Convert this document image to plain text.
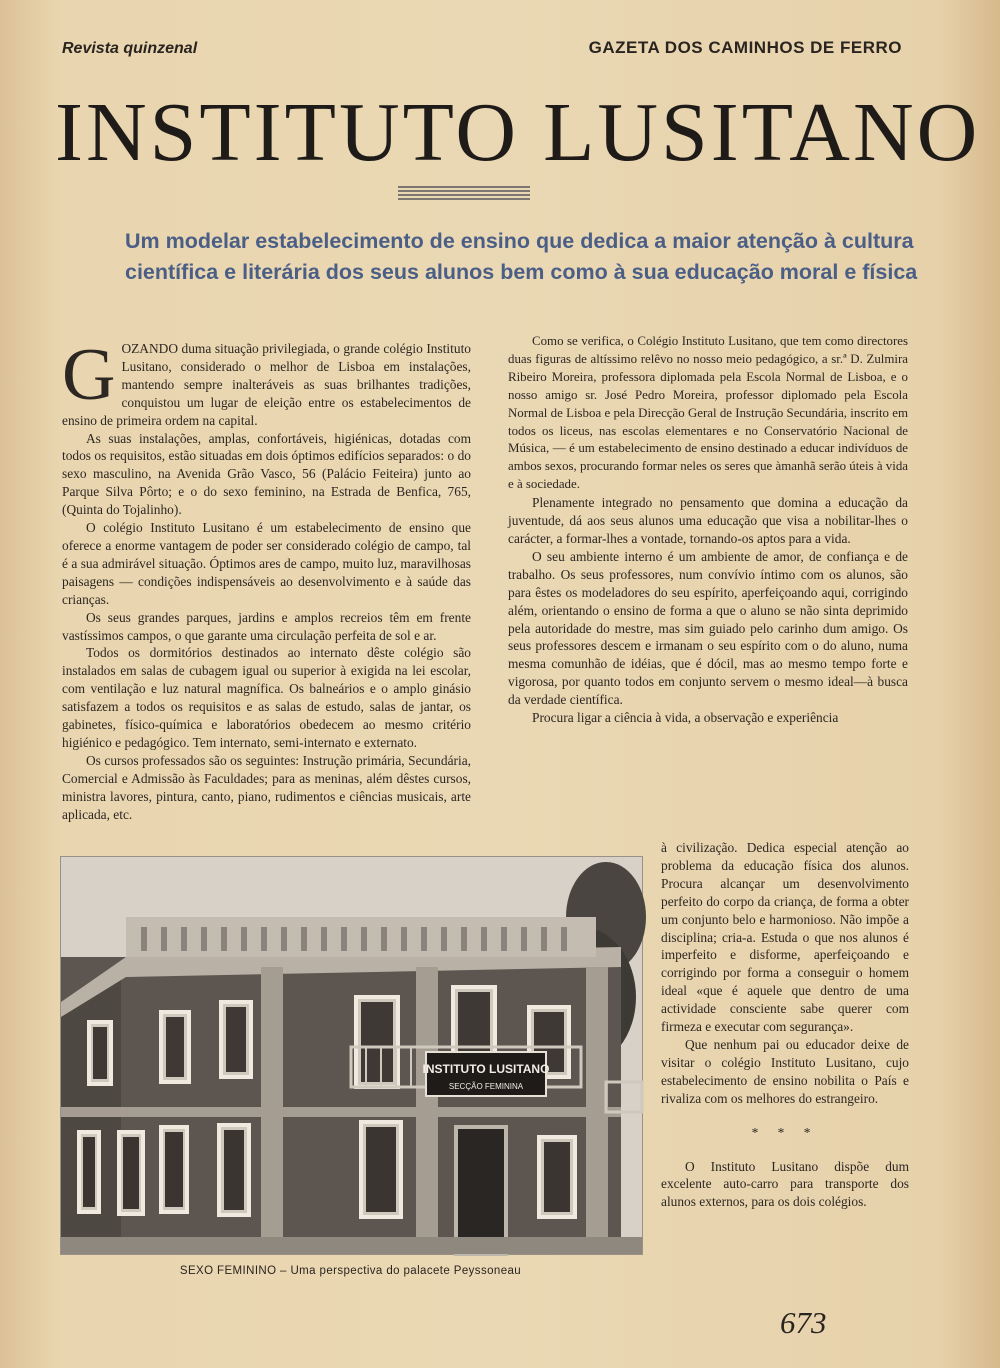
Revista quinzenal	GAZETA DOS CAMINHOS DE FERRO
INSTITUTO LUSITANO
Um modelar estabelecimento de ensino que dedica a maior atenção à cultura
científica e literária dos seus alunos bem como à sua educação moral e física

GOZANDO duma situação privilegiada, o grande colégio Instituto Lusitano, considerado o melhor de Lisboa em instalações, mantendo sempre inalteráveis as suas brilhantes tradições, conquistou um lugar de eleição entre os estabelecimentos de ensino de primeira ordem na capital.

As suas instalações, amplas, confortáveis, higiénicas, dotadas com todos os requisitos, estão situadas em dois óptimos edifícios separados: o do sexo masculino, na Avenida Grão Vasco, 56 (Palácio Feiteira) junto ao Parque Silva Pôrto; e o do sexo feminino, na Estrada de Benfica, 765, (Quinta do Tojalinho).

O colégio Instituto Lusitano é um estabelecimento de ensino que oferece a enorme vantagem de poder ser considerado colégio de campo, tal é a sua admirável situação. Óptimos ares de campo, muito luz, maravilhosas paisagens — condições indispensáveis ao desenvolvimento e à saúde das crianças.

Os seus grandes parques, jardins e amplos recreios têm em frente vastíssimos campos, o que garante uma circulação perfeita de sol e ar.

Todos os dormitórios destinados ao internato dêste colégio são instalados em salas de cubagem igual ou superior à exigida na lei escolar, com ventilação e luz natural magnífica. Os balneários e o amplo ginásio satisfazem a todos os requisitos e as salas de estudo, salas de jantar, os gabinetes, físico-química e laboratórios obedecem ao mesmo critério higiénico e pedagógico. Tem internato, semi-internato e externato.

Os cursos professados são os seguintes: Instrução primária, Secundária, Comercial e Admissão às Faculdades; para as meninas, além dêstes cursos, ministra lavores, pintura, canto, piano, rudimentos e ciências musicais, arte aplicada, etc.

Como se verifica, o Colégio Instituto Lusitano, que tem como directores duas figuras de altíssimo relêvo no nosso meio pedagógico, a sr.ª D. Zulmira Ribeiro Moreira, professora diplomada pela Escola Normal de Lisboa, e o nosso amigo sr. José Pedro Moreira, professor diplomado pela Escola Normal de Lisboa e pela Direcção Geral de Instrução Secundária, inscrito em todos os liceus, nas escolas elementares e no Conservatório Nacional de Música, — é um estabelecimento de ensino destinado a educar indivíduos de ambos sexos, procurando formar neles os seres que àmanhã serão úteis à vida e à sociedade.

Plenamente integrado no pensamento que domina a educação da juventude, dá aos seus alunos uma educação que visa a nobilitar-lhes o carácter, a formar-lhes a vontade, tornando-os aptos para a vida.

O seu ambiente interno é um ambiente de amor, de confiança e de trabalho. Os seus professores, num convívio íntimo com os alunos, são para êstes os modeladores do seu espírito, aperfeiçoando aqui, corrigindo além, orientando o ensino de forma a que o aluno se não sinta deprimido pela autoridade do mestre, mas sim guiado pelo carinho dum amigo. Os seus professores descem e irmanam o seu espírito com o do aluno, numa mesma comunhão de idéias, que é dócil, mas ao mesmo tempo forte e vigorosa, por quanto todos em conjunto servem o mesmo ideal—à busca da verdade científica.

Procura ligar a ciência à vida, a observação e experiência

à civilização. Dedica especial atenção ao problema da educação física dos alunos. Procura alcançar um desenvolvimento perfeito do corpo da criança, de forma a obter um conjunto belo e harmonioso. Não impõe a disciplina; cria-a. Estuda o que nos alunos é imperfeito e disforme, aperfeiçoando e corrigindo por forma a conseguir o homem ideal «que é aquele que dentro de uma actividade consciente sabe querer com firmeza e executar com segurança».

Que nenhum pai ou educador deixe de visitar o colégio Instituto Lusitano, cujo estabelecimento de ensino nobilita o País e rivaliza com os melhores do estrangeiro.

* * *

O Instituto Lusitano dispõe dum excelente auto-carro para transporte dos alunos externos, para os dois colégios.

INSTITUTO LUSITANO
SECÇÃO FEMININA
SEXO FEMININO – Uma perspectiva do palacete Peyssoneau
673
